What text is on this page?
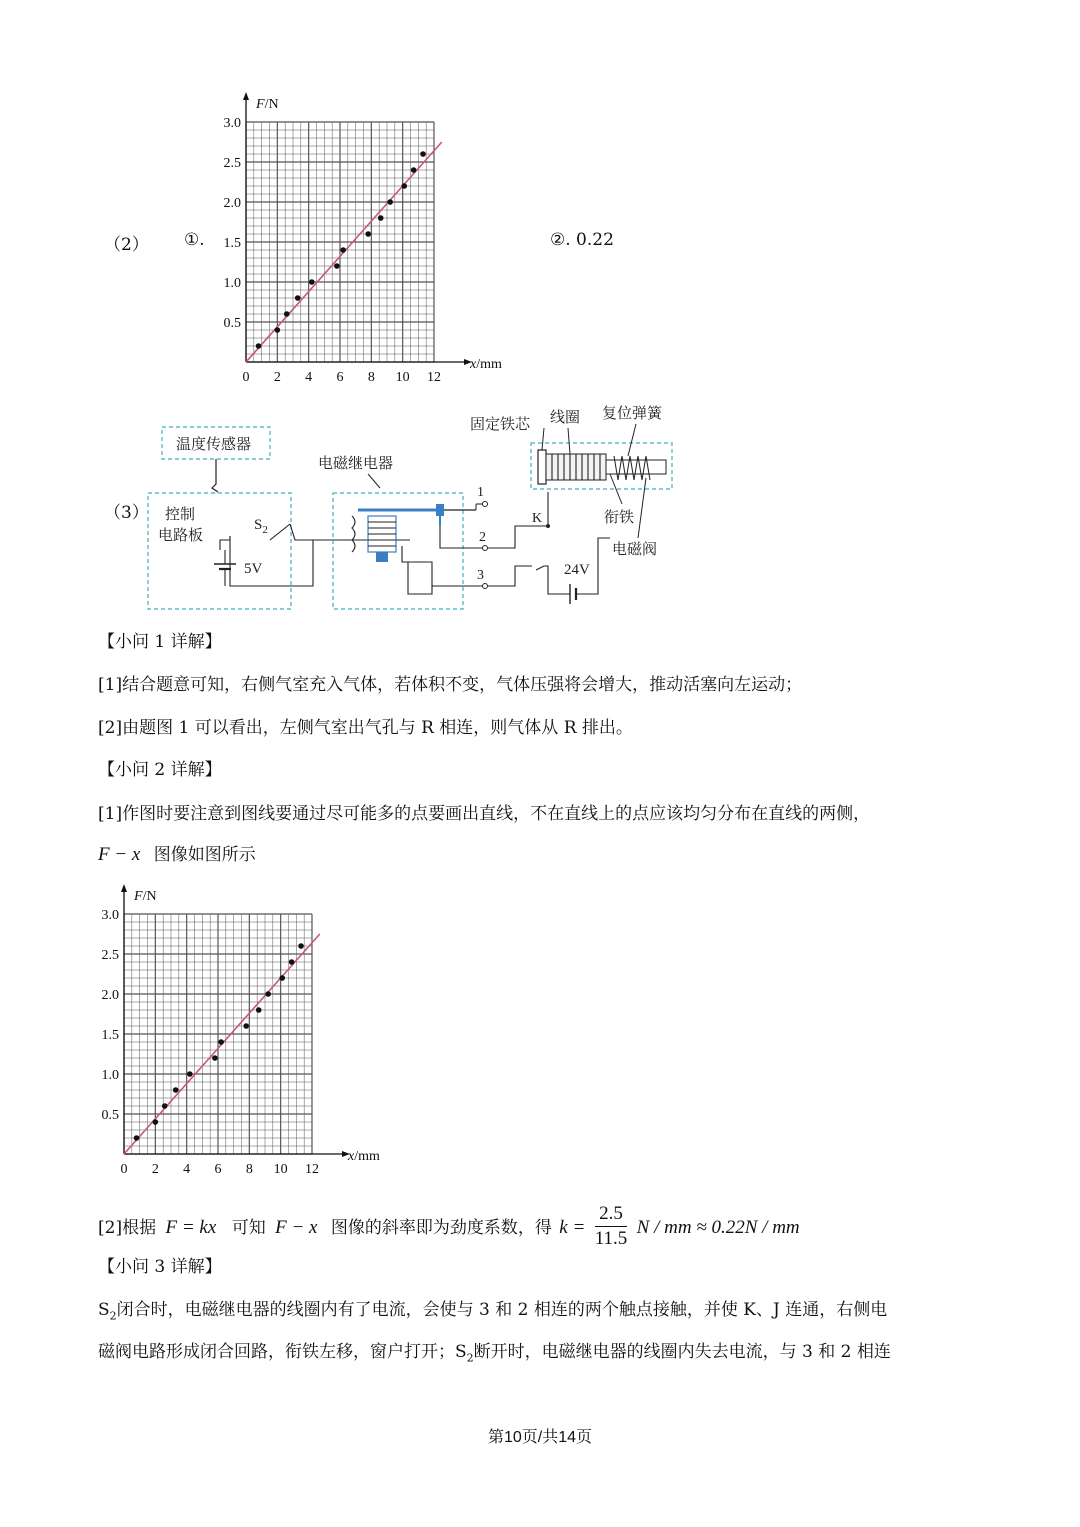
（2） ①.	②. 0.22
0 2 4 6 8 10 12
0.5
1.0
1.5
2.0
2.5
3.0
F/N
x/mm
（3）
温度传感器
控制
电路板
$S_2$
5V
电磁继电器
1
2
3
K
24V
固定铁芯 线圈 复位弹簧
衔铁
电磁阀
【小问 1 详解】
[1]结合题意可知，右侧气室充入气体，若体积不变，气体压强将会增大，推动活塞向左运动；
[2]由题图 1 可以看出，左侧气室出气孔与 R 相连，则气体从 R 排出。
【小问 2 详解】
[1]作图时要注意到图线要通过尽可能多的点要画出直线，不在直线上的点应该均匀分布在直线的两侧，
F − x 图像如图所示
0 2 4 6 8 10 12
0.5
1.0
1.5
2.0
2.5
3.0
F/N
x/mm
[2]根据 F = kx 可知 F − x 图像的斜率即为劲度系数，得 $k = \frac{2.5}{11.5}$ N / mm ≈ 0.22N / mm
【小问 3 详解】
$S_2$闭合时，电磁继电器的线圈内有了电流，会使与 3 和 2 相连的两个触点接触，并使 K、J 连通，右侧电
磁阀电路形成闭合回路，衔铁左移，窗户打开；$S_2$断开时，电磁继电器的线圈内失去电流，与 3 和 2 相连
第10页/共14页
